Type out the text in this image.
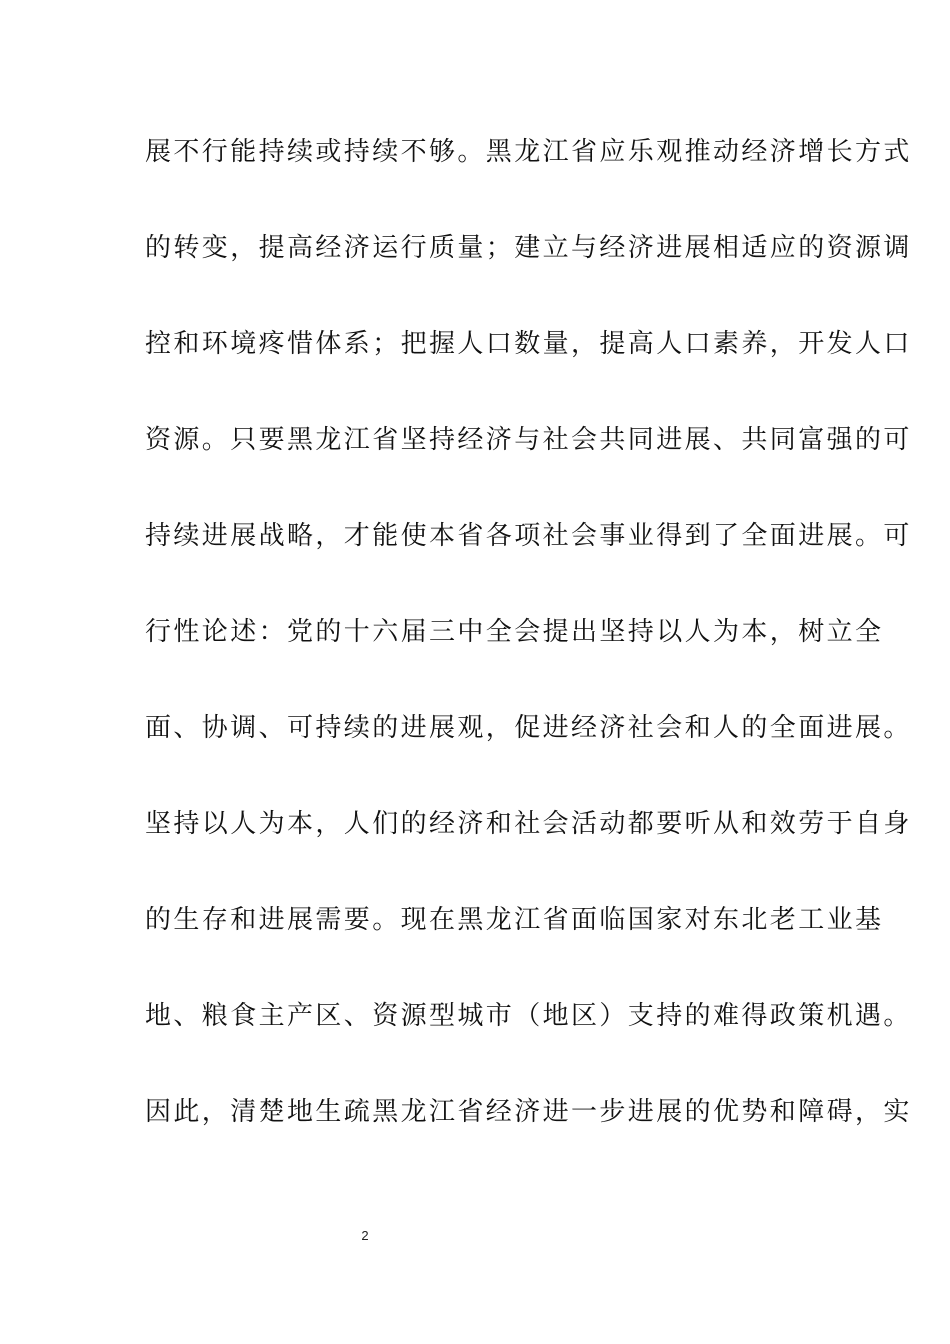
展不行能持续或持续不够。黑龙江省应乐观推动经济增长方式
的转变，提高经济运行质量；建立与经济进展相适应的资源调
控和环境疼惜体系；把握人口数量，提高人口素养，开发人口
资源。只要黑龙江省坚持经济与社会共同进展、共同富强的可
持续进展战略，才能使本省各项社会事业得到了全面进展。可
行性论述：党的十六届三中全会提出坚持以人为本，树立全
面、协调、可持续的进展观，促进经济社会和人的全面进展。
坚持以人为本，人们的经济和社会活动都要听从和效劳于自身
的生存和进展需要。现在黑龙江省面临国家对东北老工业基
地、粮食主产区、资源型城市（地区）支持的难得政策机遇。
因此，清楚地生疏黑龙江省经济进一步进展的优势和障碍，实
2
